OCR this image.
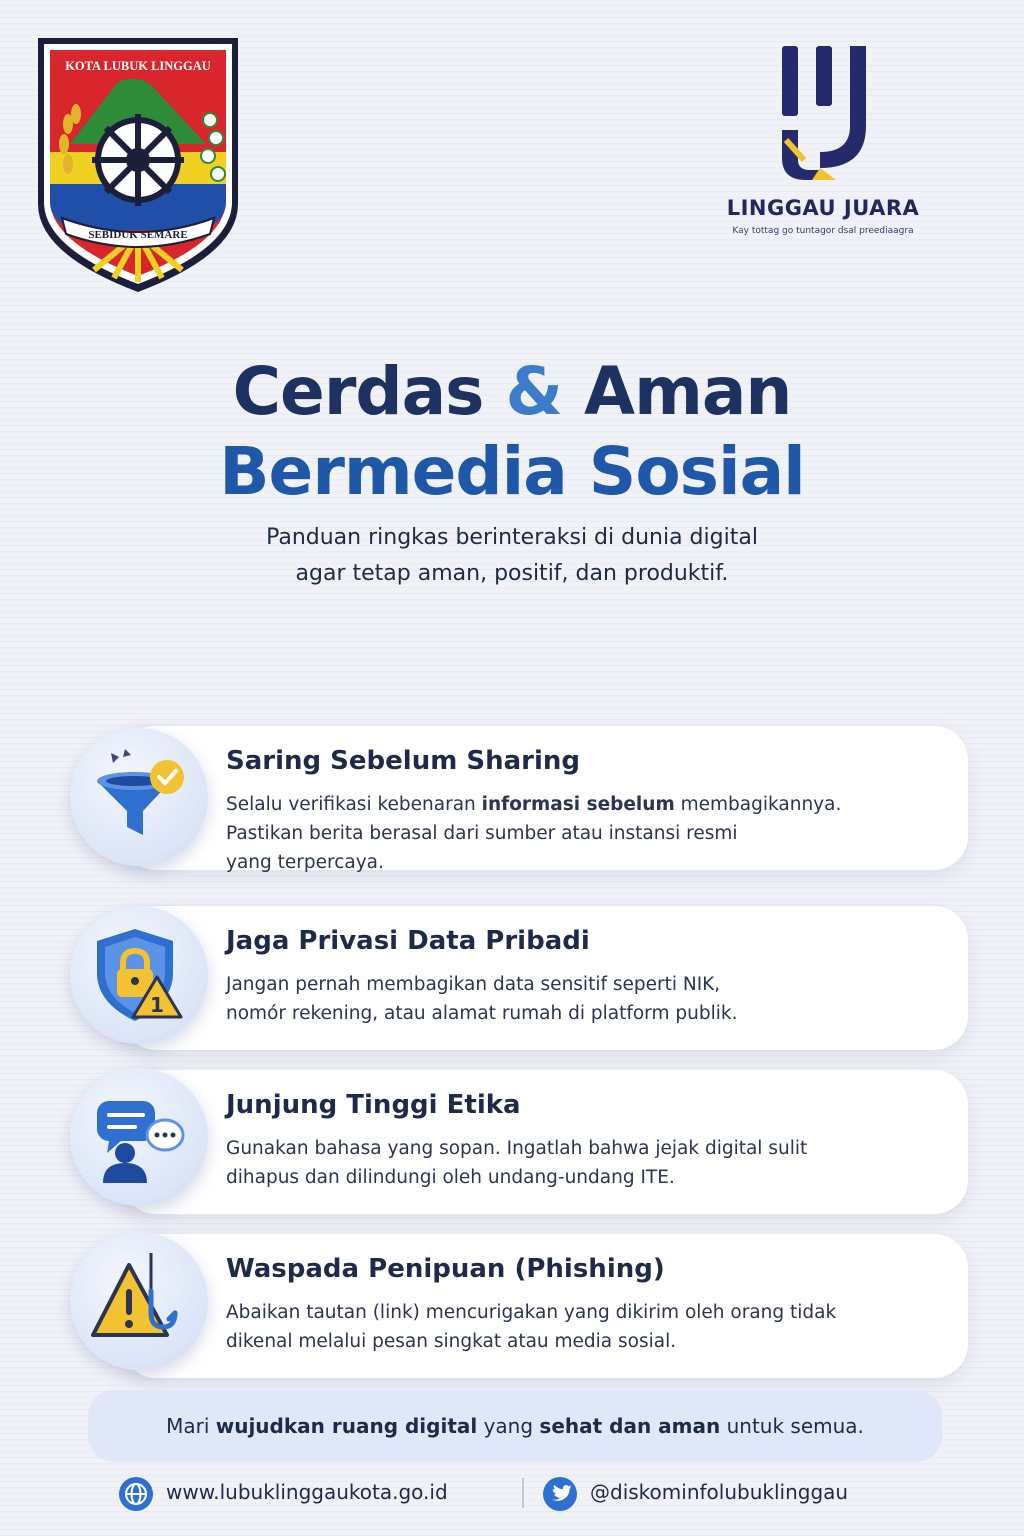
KOTA LUBUK LINGGAU
SEBIDUK SEMARE
LINGGAU JUARA
Kay tottag go tuntagor dsal preediaagra
Cerdas & Aman
Bermedia Sosial
Panduan ringkas berinteraksi di dunia digital
agar tetap aman, positif, dan produktif.
Saring Sebelum Sharing

Selalu verifikasi kebenaran informasi sebelum membagikannya.
Pastikan berita berasal dari sumber atau instansi resmi
yang terpercaya.

Jaga Privasi Data Pribadi

Jangan pernah membagikan data sensitif seperti NIK,
nomór rekening, atau alamat rumah di platform publik.

1
Junjung Tinggi Etika

Gunakan bahasa yang sopan. Ingatlah bahwa jejak digital sulit
dihapus dan dilindungi oleh undang-undang ITE.

Waspada Penipuan (Phishing)

Abaikan tautan (link) mencurigakan yang dikirim oleh orang tidak
dikenal melalui pesan singkat atau media sosial.

Mari wujudkan ruang digital yang sehat dan aman untuk semua.
www.lubuklinggaukota.go.id	@diskominfolubuklinggau
